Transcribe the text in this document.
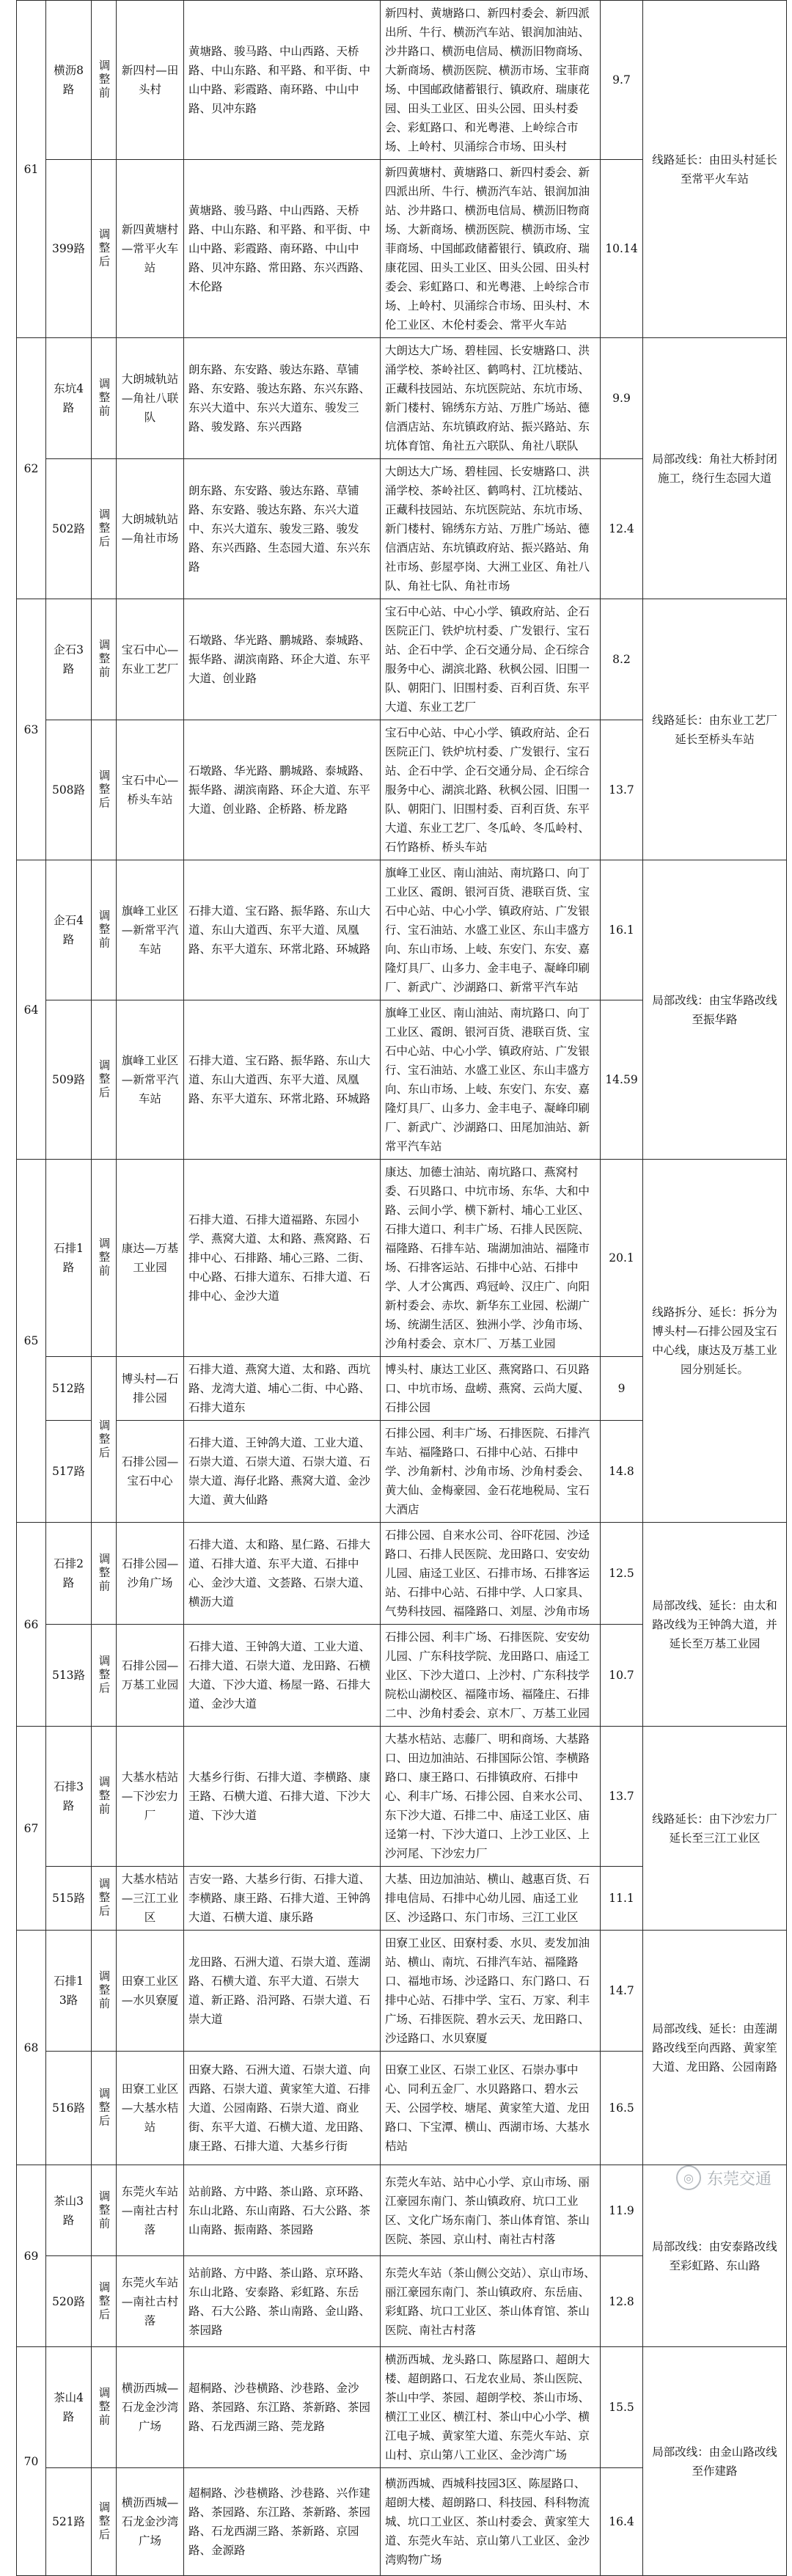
61	横沥8路	调整前	新四村—田头村	黄塘路、骏马路、中山西路、天桥路、中山东路、和平路、和平街、中山中路、彩霞路、南环路、中山中路、贝冲东路	新四村、黄塘路口、新四村委会、新四派出所、牛行、横沥汽车站、银润加油站、沙井路口、横沥电信局、横沥旧物商场、大新商场、横沥医院、横沥市场、宝菲商场、中国邮政储蓄银行、镇政府、瑞康花园、田头工业区、田头公园、田头村委会、彩虹路口、和光粤港、上岭综合市场、上岭村、贝涌综合市场、田头村	9.7	线路延长：由田头村延长至常平火车站
	399路	调整后	新四黄塘村—常平火车站	黄塘路、骏马路、中山西路、天桥路、中山东路、和平路、和平街、中山中路、彩霞路、南环路、中山中路、贝冲东路、常田路、东兴西路、木伦路	新四黄塘村、黄塘路口、新四村委会、新四派出所、牛行、横沥汽车站、银润加油站、沙井路口、横沥电信局、横沥旧物商场、大新商场、横沥医院、横沥市场、宝菲商场、中国邮政储蓄银行、镇政府、瑞康花园、田头工业区、田头公园、田头村委会、彩虹路口、和光粤港、上岭综合市场、上岭村、贝涌综合市场、田头村、木伦工业区、木伦村委会、常平火车站	10.14	
62	东坑4路	调整前	大朗城轨站—角社八联队	朗东路、东安路、骏达东路、草铺路、东安路、骏达东路、东兴东路、东兴大道中、东兴大道东、骏发三路、骏发路、东兴西路	大朗达大广场、碧桂园、长安塘路口、洪涌学校、茶岭社区、鹤鸣村、江坑楼站、正藏科技园站、东坑医院站、东坑市场、新门楼村、锦绣东方站、万胜广场站、德信酒店站、东坑镇政府站、振兴路站、东坑体育馆、角社五六联队、角社八联队	9.9	局部改线：角社大桥封闭施工，绕行生态园大道
	502路	调整后	大朗城轨站—角社市场	朗东路、东安路、骏达东路、草铺路、东安路、骏达东路、东兴大道中、东兴大道东、骏发三路、骏发路、东兴西路、生态园大道、东兴东路	大朗达大广场、碧桂园、长安塘路口、洪涌学校、茶岭社区、鹤鸣村、江坑楼站、正藏科技园站、东坑医院站、东坑市场、新门楼村、锦绣东方站、万胜广场站、德信酒店站、东坑镇政府站、振兴路站、角社市场、彭屋亭岗、大洲工业区、角社八队、角社七队、角社市场	12.4	
63	企石3路	调整前	宝石中心—东业工艺厂	石墩路、华光路、鹏城路、泰城路、振华路、湖滨南路、环企大道、东平大道、创业路	宝石中心站、中心小学、镇政府站、企石医院正门、铁炉坑村委、广发银行、宝石站、企石中学、企石交通分局、企石综合服务中心、湖滨北路、秋枫公园、旧围一队、朝阳门、旧围村委、百利百货、东平大道、东业工艺厂	8.2	线路延长：由东业工艺厂延长至桥头车站
	508路	调整后	宝石中心—桥头车站	石墩路、华光路、鹏城路、泰城路、振华路、湖滨南路、环企大道、东平大道、创业路、企桥路、桥龙路	宝石中心站、中心小学、镇政府站、企石医院正门、铁炉坑村委、广发银行、宝石站、企石中学、企石交通分局、企石综合服务中心、湖滨北路、秋枫公园、旧围一队、朝阳门、旧围村委、百利百货、东平大道、东业工艺厂、冬瓜岭、冬瓜岭村、石竹路桥、桥头车站	13.7	
64	企石4路	调整前	旗峰工业区—新常平汽车站	石排大道、宝石路、振华路、东山大道、东山大道西、东平大道、凤凰路、东平大道东、环常北路、环城路	旗峰工业区、南山油站、南坑路口、向丁工业区、霞朗、银河百货、港联百货、宝石中心站、中心小学、镇政府站、广发银行、宝石油站、水盛工业区、东山丰盛方向、东山市场、上岐、东安门、东安、嘉隆灯具厂、山多力、金丰电子、凝峰印刷厂、新武广、沙湖路口、新常平汽车站	16.1	局部改线：由宝华路改线至振华路
	509路	调整后	旗峰工业区—新常平汽车站	石排大道、宝石路、振华路、东山大道、东山大道西、东平大道、凤凰路、东平大道东、环常北路、环城路	旗峰工业区、南山油站、南坑路口、向丁工业区、霞朗、银河百货、港联百货、宝石中心站、中心小学、镇政府站、广发银行、宝石油站、水盛工业区、东山丰盛方向、东山市场、上岐、东安门、东安、嘉隆灯具厂、山多力、金丰电子、凝峰印刷厂、新武广、沙湖路口、田尾加油站、新常平汽车站	14.59	
65	石排1路	调整前	康达—万基工业园	石排大道、石排大道福路、东园小学、燕窝大道、太和路、燕窝路、石排中心、石排路、埔心三路、二街、中心路、石排大道东、石排大道、石排中心、金沙大道	康达、加德士油站、南坑路口、燕窝村委、石贝路口、中坑市场、东华、大和中路、云间小学、横下新村、埔心工业区、石排大道口、利丰广场、石排人民医院、福隆路、石排车站、瑞湖加油站、福隆市场、石排客运站、石排中心站、石排中学、人才公寓西、鸡冠岭、汉庄广、向阳新村委会、赤坎、新华东工业园、松湖广场、统湖生活区、独洲小学、沙角市场、沙角村委会、京木厂、万基工业园	20.1	线路拆分、延长：拆分为博头村—石排公园及宝石中心线，康达及万基工业园分别延长。
	512路	调整后	博头村—石排公园	石排大道、燕窝大道、太和路、西坑路、龙湾大道、埔心二街、中心路、石排大道东	博头村、康达工业区、燕窝路口、石贝路口、中坑市场、盘崂、燕窝、云尚大厦、石排公园	9	
	517路		石排公园—宝石中心	石排大道、王钟鸽大道、工业大道、石崇大道、石崇大道、石崇大道、石崇大道、海仔北路、燕窝大道、金沙大道、黄大仙路	石排公园、利丰广场、石排医院、石排汽车站、福隆路口、石排中心站、石排中学、沙角新村、沙角市场、沙角村委会、黄大仙、金梅豪园、金石花地税局、宝石大酒店	14.8	
66	石排2路	调整前	石排公园—沙角广场	石排大道、太和路、星仁路、石排大道、石排大道、东平大道、石排中心、金沙大道、文荟路、石崇大道、横沥大道	石排公园、自来水公司、谷吓花园、沙迳路口、石排人民医院、龙田路口、安安幼儿园、庙迳工业区、石排市场、石排客运站、石排中心站、石排中学、人口家具、气势科技园、福隆路口、刘屋、沙角市场	12.5	局部改线、延长：由太和路改线为王钟鸽大道，并延长至万基工业园
	513路	调整后	石排公园—万基工业园	石排大道、王钟鸽大道、工业大道、石排大道、石崇大道、龙田路、石横大道、下沙大道、杨屋一路、石排大道、金沙大道	石排公园、利丰广场、石排医院、安安幼儿园、广东科技学院、龙田路口、庙迳工业区、下沙大道口、上沙村、广东科技学院松山湖校区、福隆市场、福隆庄、石排二中、沙角村委会、京木厂、万基工业园	10.7	
67	石排3路	调整前	大基水桔站—下沙宏力厂	大基乡行街、石排大道、李横路、康王路、石横大道、石排大道、下沙大道、下沙大道	大基水桔站、志藤厂、明和商场、大基路口、田边加油站、石排国际公馆、李横路路口、康王路口、石排镇政府、石排中心、利丰广场、石排公园、自来水公司、东下沙大道、石排二中、庙迳工业区、庙迳第一村、下沙大道口、上沙工业区、上沙河尾、下沙宏力厂	13.7	线路延长：由下沙宏力厂延长至三江工业区
	515路	调整后	大基水桔站—三江工业区	吉安一路、大基乡行街、石排大道、李横路、康王路、石排大道、王钟鸽大道、石横大道、康乐路	大基、田边加油站、横山、越惠百货、石排电信局、石排中心幼儿园、庙迳工业区、沙迳路口、东门市场、三江工业区	11.1	
68	石排13路	调整前	田寮工业区—水贝寮厦	龙田路、石洲大道、石崇大道、莲湖路、石横大道、东平大道、石崇大道、新正路、沿河路、石崇大道、石崇大道	田寮工业区、田寮村委、水贝、麦发加油站、横山、南坑、石排汽车站、福隆路口、福地市场、沙迳路口、东门路口、石排中心站、石排中学、宝石、万家、利丰广场、石排医院、碧水云天、龙田路口、沙迳路口、水贝寮厦	14.7	局部改线、延长：由莲湖路改线至向西路、黄家笙大道、龙田路、公园南路
	516路	调整后	田寮工业区—大基水桔站	田寮大路、石洲大道、石崇大道、向西路、石崇大道、黄家笙大道、石排大道、公园南路、石崇大道、商业街、东平大道、石横大道、龙田路、康王路、石排大道、大基乡行街	田寮工业区、石崇工业区、石崇办事中心、同利五金厂、水贝路路口、碧水云天、公园学校、塘尾、黄家笙大道、龙田路口、下宝潭、横山、西湖市场、大基水桔站	16.5	
69	茶山3路	调整前	东莞火车站—南社古村落	站前路、方中路、茶山路、京环路、东山北路、东山南路、石大公路、茶山南路、振南路、茶园路	东莞火车站、站中心小学、京山市场、丽江豪园东南门、茶山镇政府、坑口工业区、文化广场东南门、茶山体育馆、茶山医院、茶园、京山村、南社古村落	11.9	局部改线：由安泰路改线至彩虹路、东山路
	520路	调整后	东莞火车站—南社古村落	站前路、方中路、茶山路、京环路、东山北路、安泰路、彩虹路、东岳路、石大公路、茶山南路、金山路、茶园路	东莞火车站（茶山侧公交站）、京山市场、丽江豪园东南门、茶山镇政府、东岳庙、彩虹路、坑口工业区、茶山体育馆、茶山医院、南社古村落	12.8	
70	茶山4路	调整前	横沥西城—石龙金沙湾广场	超桐路、沙巷横路、沙巷路、金沙路、茶园路、东江路、茶新路、茶园路、石龙西湖三路、莞龙路	横沥西城、龙头路口、陈屋路口、超朗大楼、超朗路口、石龙农业局、茶山医院、茶山中学、茶园、超朗学校、茶山市场、横江工业区、横江村、茶山中心小学、横江电子城、黄家笙大道、东莞火车站、京山村、京山第八工业区、金沙湾广场	15.5	局部改线：由金山路改线至作建路
	521路	调整后	横沥西城—石龙金沙湾广场	超桐路、沙巷横路、沙巷路、兴作建路、茶园路、东江路、茶新路、茶园路、石龙西湖三路、茶新路、京园路、金源路	横沥西城、西城科技园3区、陈屋路口、超朗大楼、超朗路口、科技园、科科物流城、坑口工业区、茶山村委会、黄家笙大道、东莞火车站、京山第八工业区、金沙湾购物广场	16.4	
◎ 东莞交通
